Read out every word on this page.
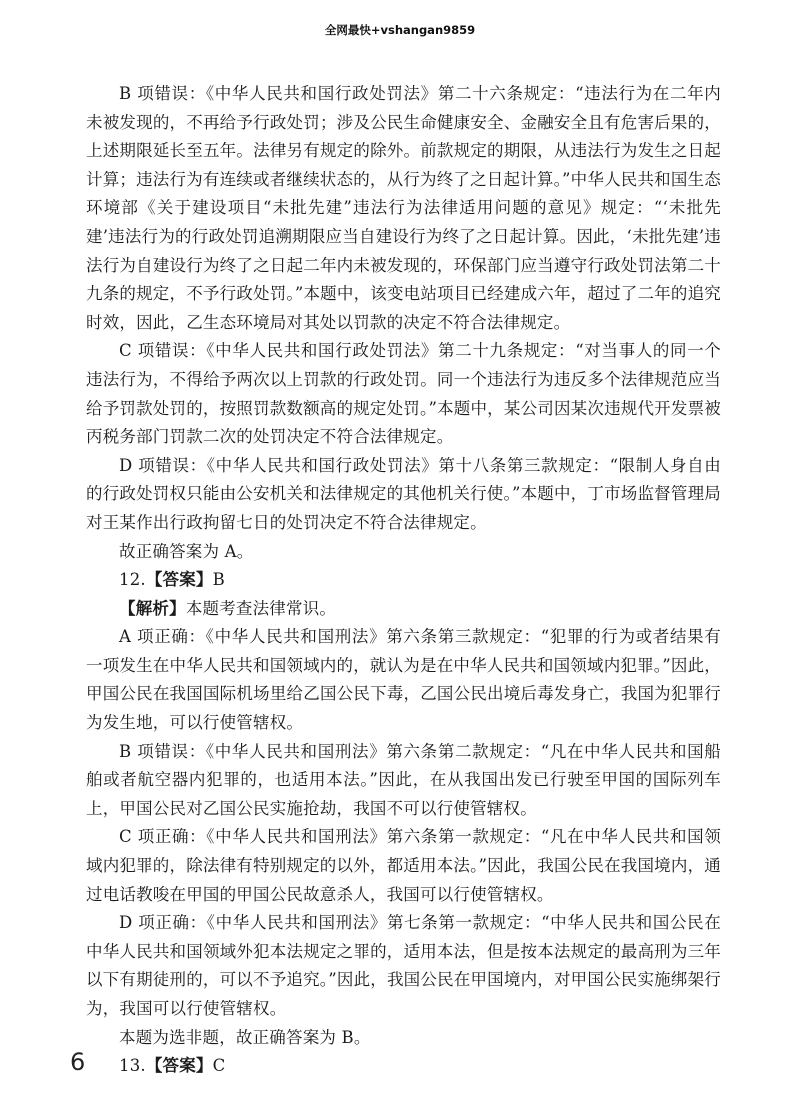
全网最快+vshangan9859

B 项错误：《中华人民共和国行政处罚法》第二十六条规定：“违法行为在二年内未被发现的，不再给予行政处罚；涉及公民生命健康安全、金融安全且有危害后果的，上述期限延长至五年。法律另有规定的除外。前款规定的期限，从违法行为发生之日起计算；违法行为有连续或者继续状态的，从行为终了之日起计算。”中华人民共和国生态环境部《关于建设项目“未批先建”违法行为法律适用问题的意见》规定：“‘未批先建’违法行为的行政处罚追溯期限应当自建设行为终了之日起计算。因此，‘未批先建’违法行为自建设行为终了之日起二年内未被发现的，环保部门应当遵守行政处罚法第二十九条的规定，不予行政处罚。”本题中，该变电站项目已经建成六年，超过了二年的追究时效，因此，乙生态环境局对其处以罚款的决定不符合法律规定。

C 项错误：《中华人民共和国行政处罚法》第二十九条规定：“对当事人的同一个违法行为，不得给予两次以上罚款的行政处罚。同一个违法行为违反多个法律规范应当给予罚款处罚的，按照罚款数额高的规定处罚。”本题中，某公司因某次违规代开发票被丙税务部门罚款二次的处罚决定不符合法律规定。

D 项错误：《中华人民共和国行政处罚法》第十八条第三款规定：“限制人身自由的行政处罚权只能由公安机关和法律规定的其他机关行使。”本题中，丁市场监督管理局对王某作出行政拘留七日的处罚决定不符合法律规定。

故正确答案为 A。

12.【答案】B

【解析】本题考查法律常识。

A 项正确：《中华人民共和国刑法》第六条第三款规定：“犯罪的行为或者结果有一项发生在中华人民共和国领域内的，就认为是在中华人民共和国领域内犯罪。”因此，甲国公民在我国国际机场里给乙国公民下毒，乙国公民出境后毒发身亡，我国为犯罪行为发生地，可以行使管辖权。

B 项错误：《中华人民共和国刑法》第六条第二款规定：“凡在中华人民共和国船舶或者航空器内犯罪的，也适用本法。”因此，在从我国出发已行驶至甲国的国际列车上，甲国公民对乙国公民实施抢劫，我国不可以行使管辖权。

C 项正确：《中华人民共和国刑法》第六条第一款规定：“凡在中华人民共和国领域内犯罪的，除法律有特别规定的以外，都适用本法。”因此，我国公民在我国境内，通过电话教唆在甲国的甲国公民故意杀人，我国可以行使管辖权。

D 项正确：《中华人民共和国刑法》第七条第一款规定：“中华人民共和国公民在中华人民共和国领域外犯本法规定之罪的，适用本法，但是按本法规定的最高刑为三年以下有期徒刑的，可以不予追究。”因此，我国公民在甲国境内，对甲国公民实施绑架行为，我国可以行使管辖权。

本题为选非题，故正确答案为 B。

13.【答案】C

6
